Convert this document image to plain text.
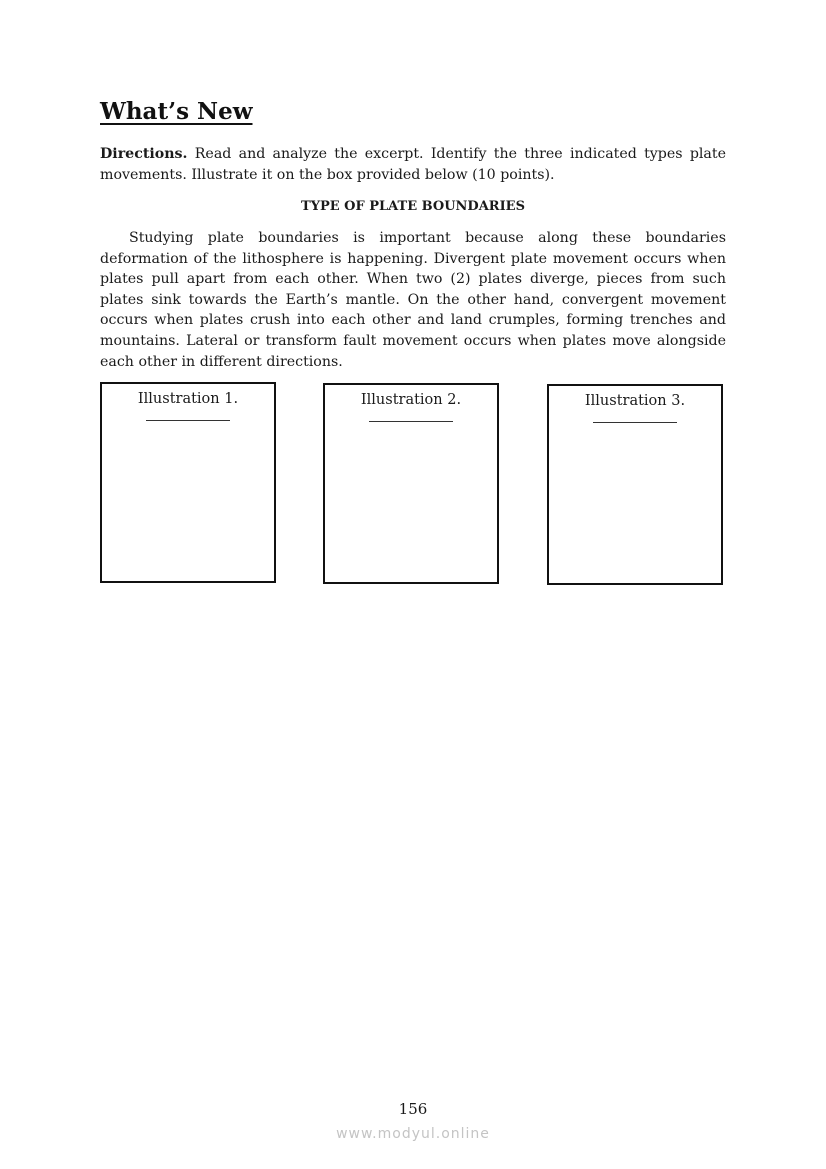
What’s New

Directions. Read and analyze the excerpt. Identify the three indicated types plate movements. Illustrate it on the box provided below (10 points).

TYPE OF PLATE BOUNDARIES

Studying plate boundaries is important because along these boundaries deformation of the lithosphere is happening. Divergent plate movement occurs when plates pull apart from each other. When two (2) plates diverge, pieces from such plates sink towards the Earth’s mantle. On the other hand, convergent movement occurs when plates crush into each other and land crumples, forming trenches and mountains. Lateral or transform fault movement occurs when plates move alongside each other in different directions.

Illustration 1.	Illustration 2.	Illustration 3.

156

www.modyul.online
